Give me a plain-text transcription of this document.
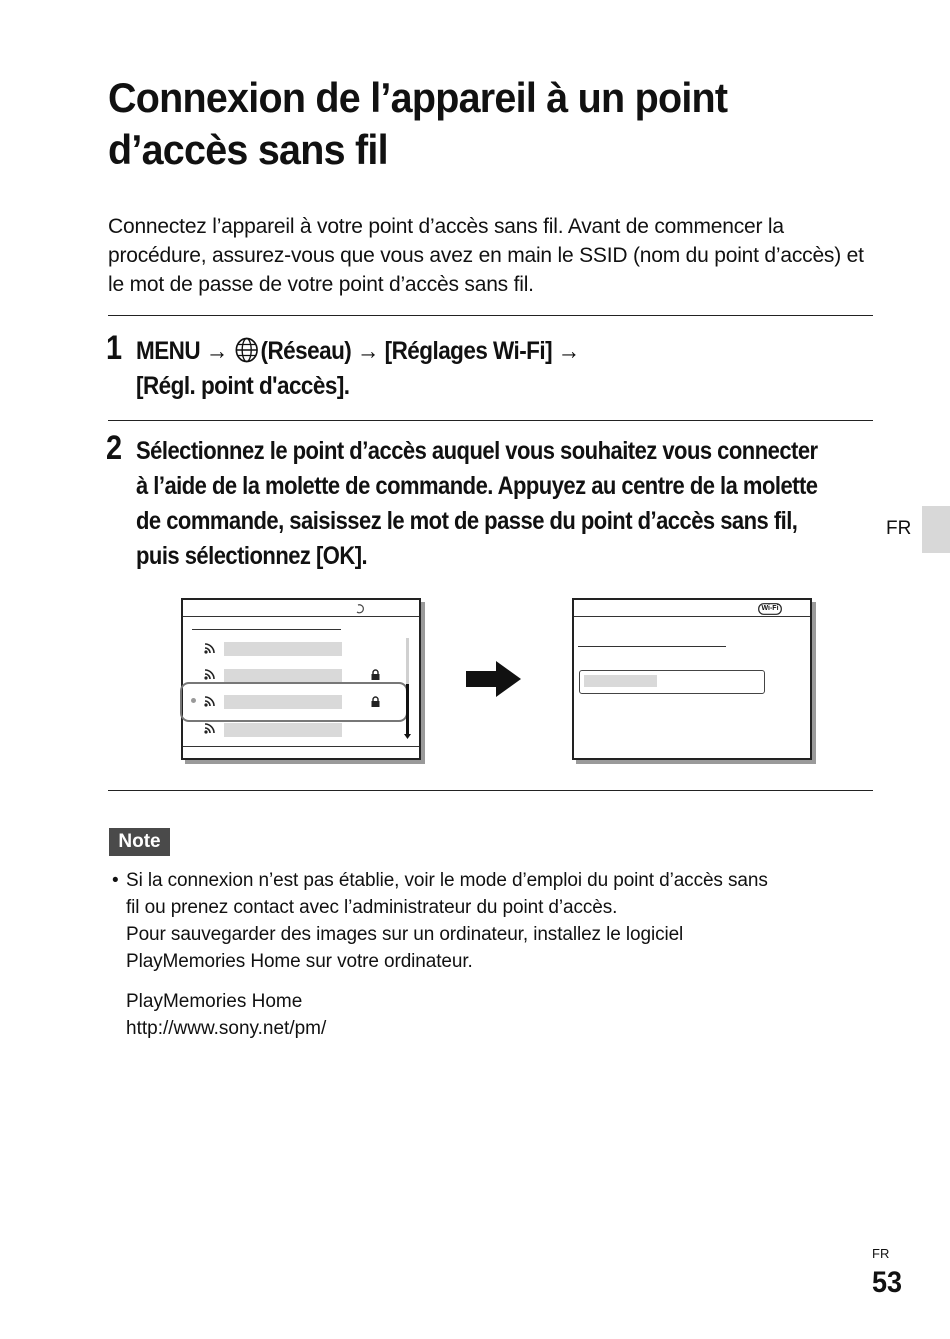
Connexion de l’appareil à un point d’accès sans fil

Connectez l’appareil à votre point d’accès sans fil. Avant de commencer la procédure, assurez-vous que vous avez en main le SSID (nom du point d’accès) et le mot de passe de votre point d’accès sans fil.

1 MENU → (Réseau) → [Réglages Wi-Fi] →
[Régl. point d'accès].

2 Sélectionnez le point d’accès auquel vous souhaitez vous connecter à l’aide de la molette de commande. Appuyez au centre de la molette de commande, saisissez le mot de passe du point d’accès sans fil, puis sélectionnez [OK].

Wi-Fi
FR
Note
• Si la connexion n’est pas établie, voir le mode d’emploi du point d’accès sans
fil ou prenez contact avec l’administrateur du point d’accès.
Pour sauvegarder des images sur un ordinateur, installez le logiciel
PlayMemories Home sur votre ordinateur.
PlayMemories Home
http://www.sony.net/pm/
FR
53
